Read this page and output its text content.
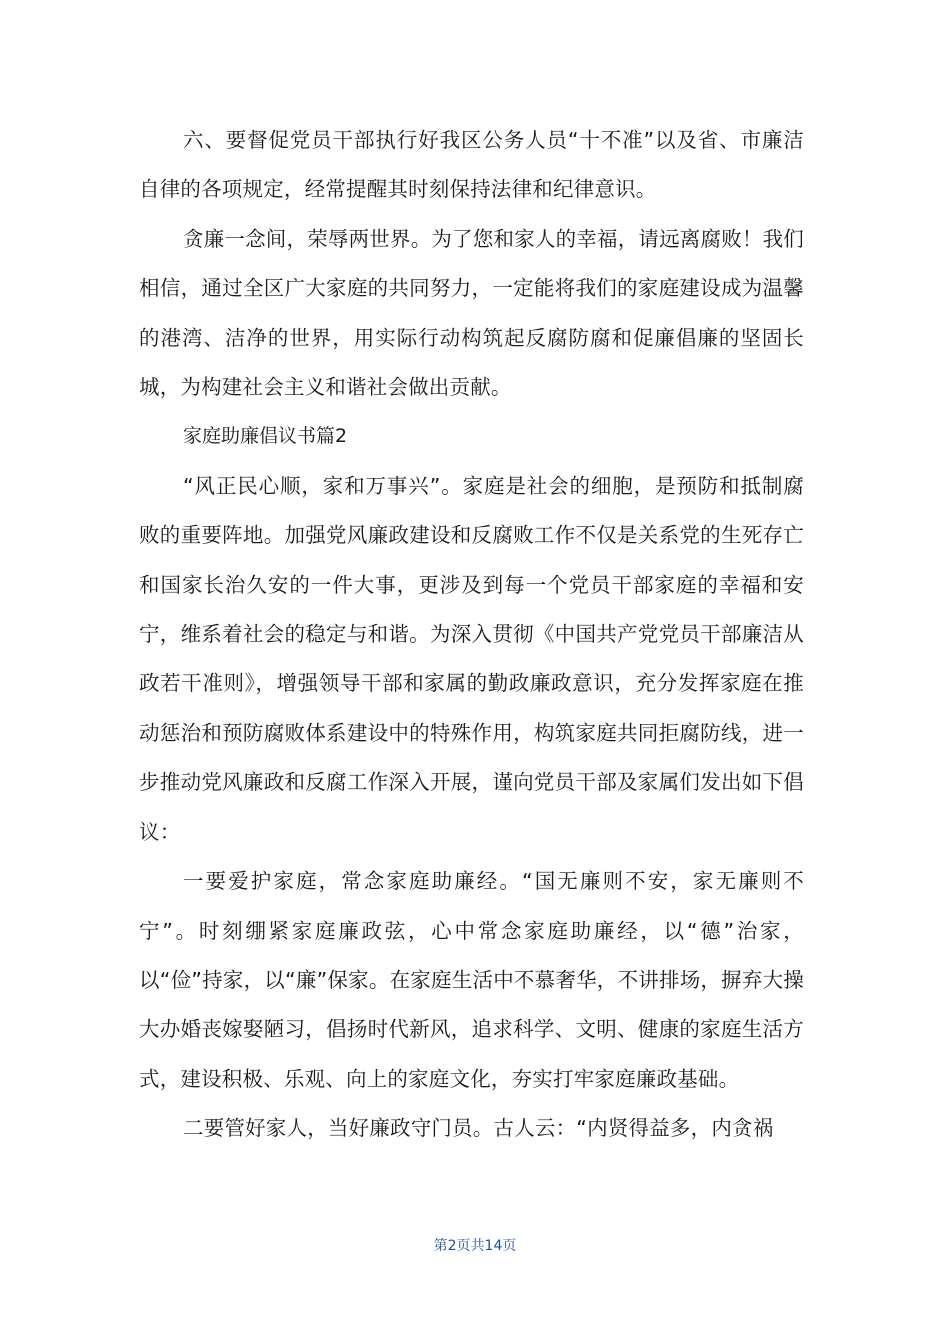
六、要督促党员干部执行好我区公务人员“十不准”以及省、市廉洁自律的各项规定，经常提醒其时刻保持法律和纪律意识。

贪廉一念间，荣辱两世界。为了您和家人的幸福，请远离腐败！我们相信，通过全区广大家庭的共同努力，一定能将我们的家庭建设成为温馨的港湾、洁净的世界，用实际行动构筑起反腐防腐和促廉倡廉的坚固长城，为构建社会主义和谐社会做出贡献。

家庭助廉倡议书篇2

“风正民心顺，家和万事兴”。家庭是社会的细胞，是预防和抵制腐败的重要阵地。加强党风廉政建设和反腐败工作不仅是关系党的生死存亡和国家长治久安的一件大事，更涉及到每一个党员干部家庭的幸福和安宁，维系着社会的稳定与和谐。为深入贯彻《中国共产党党员干部廉洁从政若干准则》，增强领导干部和家属的勤政廉政意识，充分发挥家庭在推动惩治和预防腐败体系建设中的特殊作用，构筑家庭共同拒腐防线，进一步推动党风廉政和反腐工作深入开展，谨向党员干部及家属们发出如下倡议：

一要爱护家庭，常念家庭助廉经。“国无廉则不安，家无廉则不宁”。时刻绷紧家庭廉政弦，心中常念家庭助廉经，以“德”治家，以“俭”持家，以“廉”保家。在家庭生活中不慕奢华，不讲排场，摒弃大操大办婚丧嫁娶陋习，倡扬时代新风，追求科学、文明、健康的家庭生活方式，建设积极、乐观、向上的家庭文化，夯实打牢家庭廉政基础。

二要管好家人，当好廉政守门员。古人云：“内贤得益多，内贪祸

第2页共14页
